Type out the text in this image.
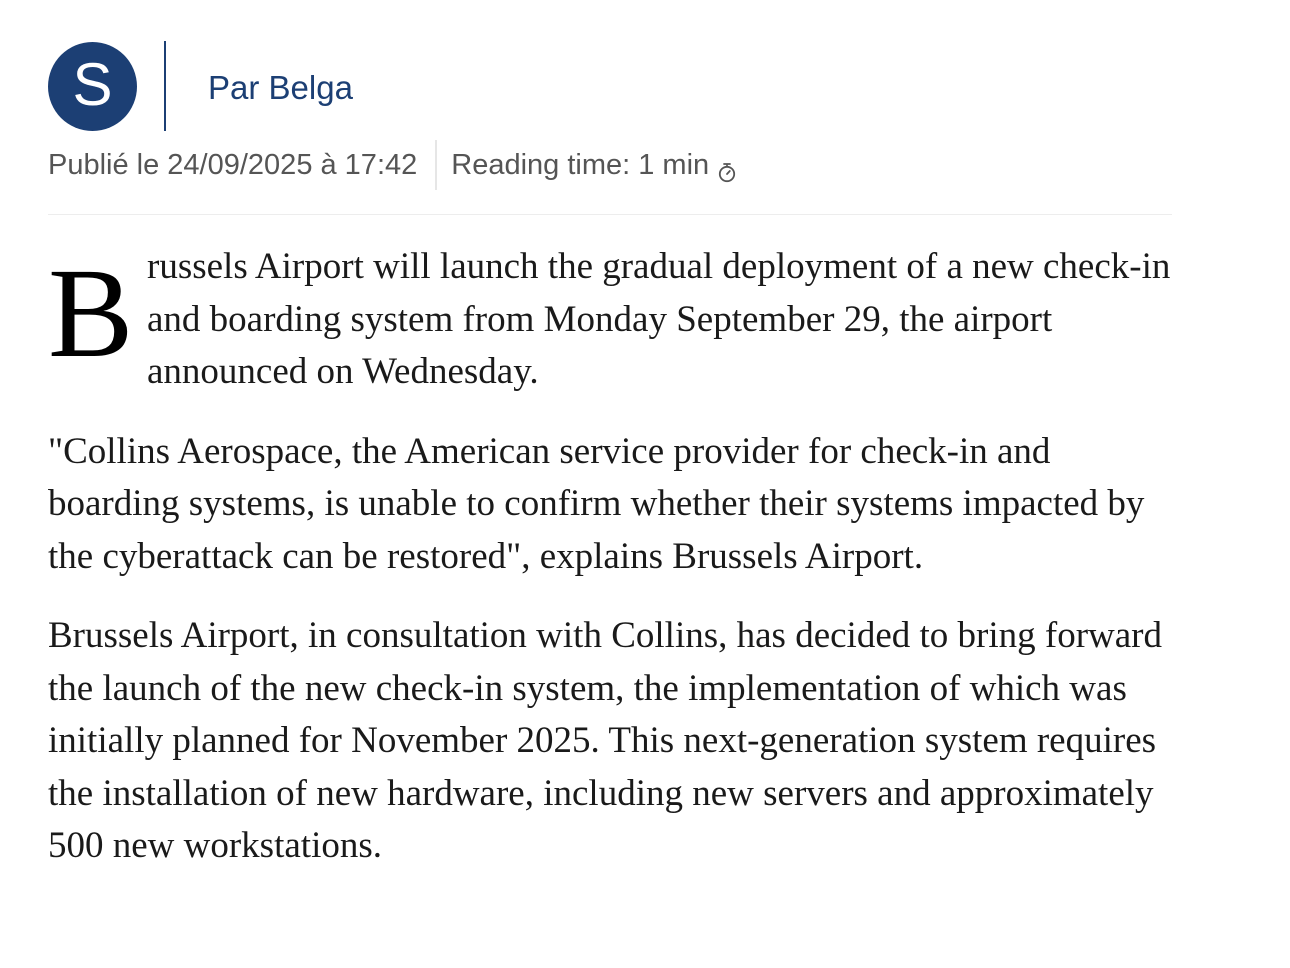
S	Par Belga
Publié le 24/09/2025 à 17:42 Reading time: 1 min

B russels Airport will launch the gradual deployment of a new check-in and boarding system from Monday September 29, the airport announced on Wednesday.

"Collins Aerospace, the American service provider for check-in and boarding systems, is unable to confirm whether their systems impacted by the cyberattack can be restored", explains Brussels Airport.

Brussels Airport, in consultation with Collins, has decided to bring forward the launch of the new check-in system, the implementation of which was initially planned for November 2025. This next-generation system requires the installation of new hardware, including new servers and approximately 500 new workstations.
